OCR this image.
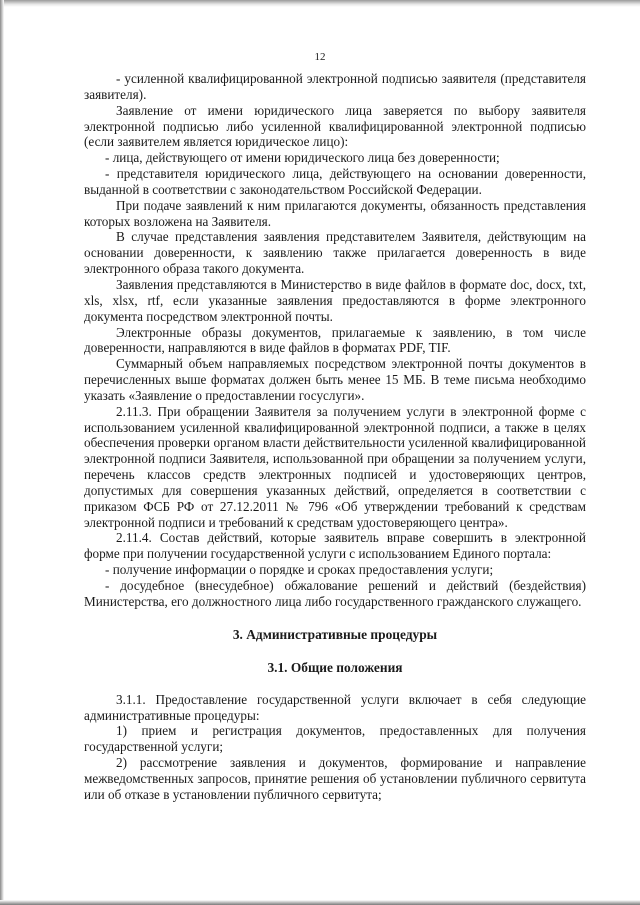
12

- усиленной квалифицированной электронной подписью заявителя (представителя заявителя).

Заявление от имени юридического лица заверяется по выбору заявителя электронной подписью либо усиленной квалифицированной электронной подписью (если заявителем является юридическое лицо):

- лица, действующего от имени юридического лица без доверенности;

- представителя юридического лица, действующего на основании доверенности, выданной в соответствии с законодательством Российской Федерации.

При подаче заявлений к ним прилагаются документы, обязанность представления которых возложена на Заявителя.

В случае представления заявления представителем Заявителя, действующим на основании доверенности, к заявлению также прилагается доверенность в виде электронного образа такого документа.

Заявления представляются в Министерство в виде файлов в формате doc, docx, txt, xls, xlsx, rtf, если указанные заявления предоставляются в форме электронного документа посредством электронной почты.

Электронные образы документов, прилагаемые к заявлению, в том числе доверенности, направляются в виде файлов в форматах PDF, TIF.

Суммарный объем направляемых посредством электронной почты документов в перечисленных выше форматах должен быть менее 15 МБ. В теме письма необходимо указать «Заявление о предоставлении госуслуги».

2.11.3. При обращении Заявителя за получением услуги в электронной форме с использованием усиленной квалифицированной электронной подписи, а также в целях обеспечения проверки органом власти действительности усиленной квалифицированной электронной подписи Заявителя, использованной при обращении за получением услуги, перечень классов средств электронных подписей и удостоверяющих центров, допустимых для совершения указанных действий, определяется в соответствии с приказом ФСБ РФ от 27.12.2011 № 796 «Об утверждении требований к средствам электронной подписи и требований к средствам удостоверяющего центра».

2.11.4. Состав действий, которые заявитель вправе совершить в электронной форме при получении государственной услуги с использованием Единого портала:

- получение информации о порядке и сроках предоставления услуги;

- досудебное (внесудебное) обжалование решений и действий (бездействия) Министерства, его должностного лица либо государственного гражданского служащего.

3. Административные процедуры
3.1. Общие положения

3.1.1. Предоставление государственной услуги включает в себя следующие административные процедуры:

1) прием и регистрация документов, предоставленных для получения государственной услуги;

2) рассмотрение заявления и документов, формирование и направление межведомственных запросов, принятие решения об установлении публичного сервитута или об отказе в установлении публичного сервитута;
